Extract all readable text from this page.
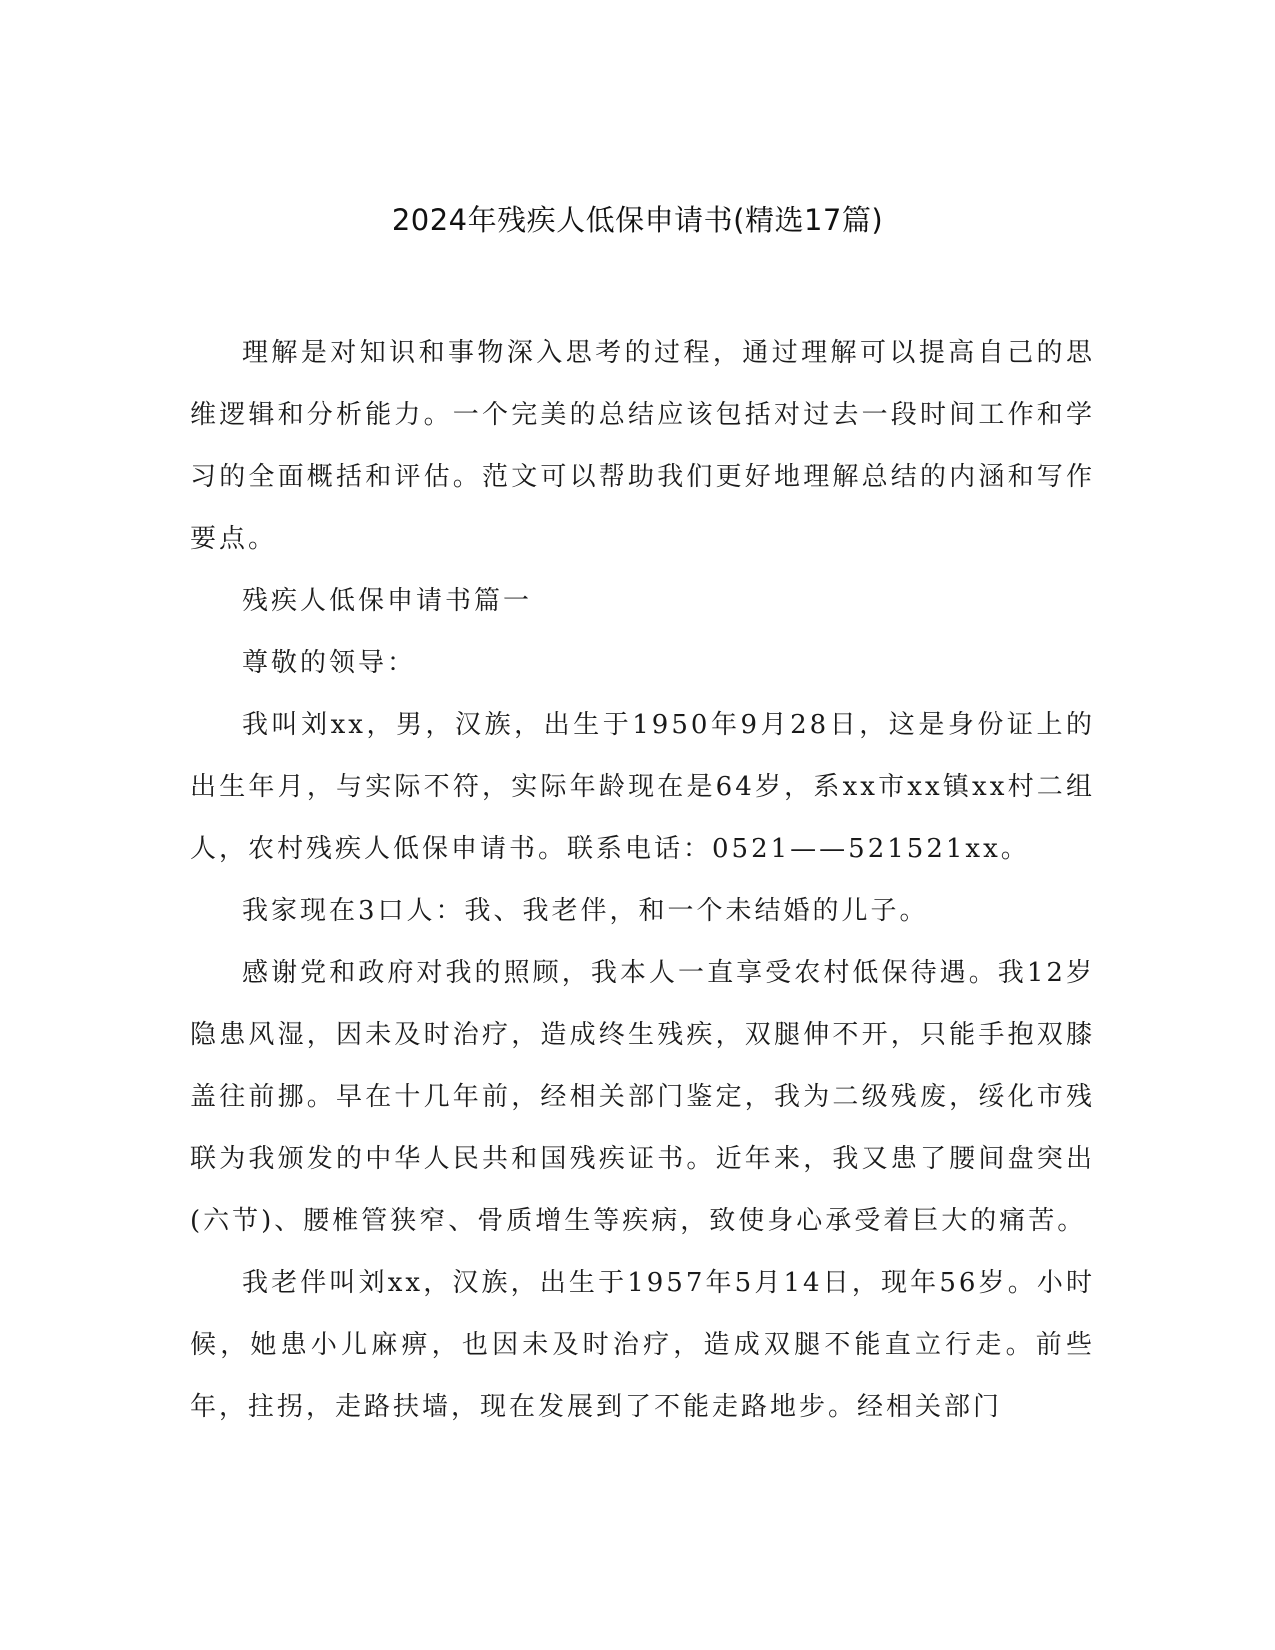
2024年残疾人低保申请书(精选17篇)

理解是对知识和事物深入思考的过程，通过理解可以提高自己的思维逻辑和分析能力。一个完美的总结应该包括对过去一段时间工作和学习的全面概括和评估。范文可以帮助我们更好地理解总结的内涵和写作要点。

残疾人低保申请书篇一

尊敬的领导：

我叫刘xx，男，汉族，出生于1950年9月28日，这是身份证上的出生年月，与实际不符，实际年龄现在是64岁，系xx市xx镇xx村二组人，农村残疾人低保申请书。联系电话：0521——521521xx。

我家现在3口人：我、我老伴，和一个未结婚的儿子。

感谢党和政府对我的照顾，我本人一直享受农村低保待遇。我12岁隐患风湿，因未及时治疗，造成终生残疾，双腿伸不开，只能手抱双膝盖往前挪。早在十几年前，经相关部门鉴定，我为二级残废，绥化市残联为我颁发的中华人民共和国残疾证书。近年来，我又患了腰间盘突出(六节)、腰椎管狭窄、骨质增生等疾病，致使身心承受着巨大的痛苦。

我老伴叫刘xx，汉族，出生于1957年5月14日，现年56岁。小时候，她患小儿麻痹，也因未及时治疗，造成双腿不能直立行走。前些年，拄拐，走路扶墙，现在发展到了不能走路地步。经相关部门
